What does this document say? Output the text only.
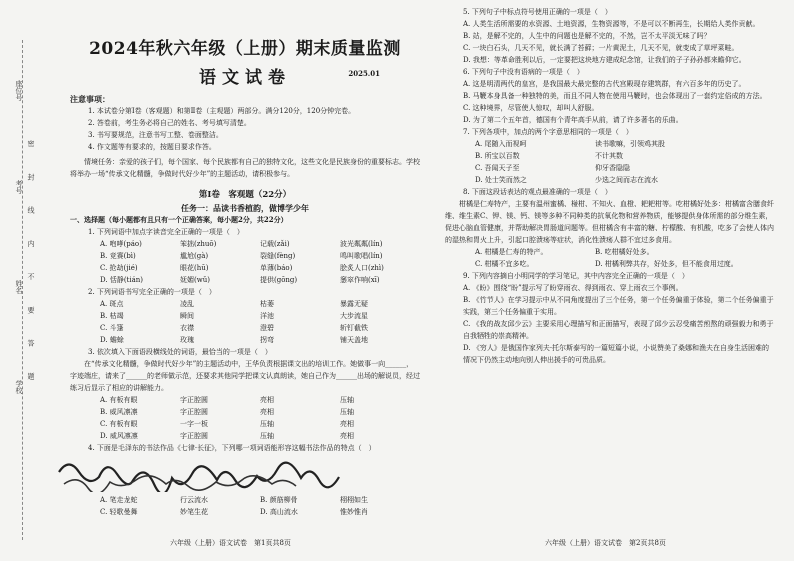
座位号
考号
姓名
学校 密 封 线 内 不 要 答 题
2024年秋六年级（上册）期末质量监测
语文试卷	2025.01
注意事项：
1. 本试卷分第Ⅰ卷（客观题）和第Ⅱ卷（主观题）两部分。满分120分，120分钟完卷。
2. 答卷前，考生务必将自己的姓名、考号填写清楚。
3. 书写要规范，注意书写工整、卷面整洁。
4. 作文题等有要求的，按题目要求作答。
情境任务：亲爱的孩子们，每个国家、每个民族都有自己的独特文化，这些文化是民族身份的重要标志。学校将举办一场“传承文化精髓，争做时代好少年”的主题活动，请积极参与。
第Ⅰ卷　客观题（22分）
任务一：品读书香植韵，做博学少年
一、选择题（每小题都有且只有一个正确答案，每小题2分，共22分）
1. 下列词语中加点字读音完全正确的一项是（　）
A. 咆哮(páo)	笨拙(zhuō)	记载(zǎi)	波光粼粼(lín)
B. 竞赛(bì)	尴尬(gà)	裂缝(fèng)	鸣叫歌唱(lín)
C. 抢劫(jié)	眼花(hū)	单薄(báo)	脍炙人口(zhì)
D. 恬静(tián)	妩媚(wǔ)	提供(gōng)	窸窣作响(xī)
2. 下列词语书写完全正确的一项是（　）
A. 斑点	凌乱	枯萎	暴露无疑
B. 枯竭	瞬间	洋池	大步流星
C. 斗篷	衣襟	澄碧	斩钉截铁
D. 蟾蜍	玫瑰	拐弯	铺天盖地
3. 依次填入下面语段横线处的词语，最恰当的一项是（　）
在“传承文化精髓，争做时代好少年”的主题活动中，王华负责根据课文出的培训工作。她做事一向______，字迹端庄，请来了______的老师做示范，还要求其他同学把课文认真朗读，她自己作为______出场的解说员，经过练习后显示了相应的讲解能力。
A. 有板有眼	字正腔圆	亮相	压轴
B. 威风凛凛	字正腔圆	亮相	压轴
C. 有板有眼	一字一板	压轴	亮相
D. 威风凛凛	字正腔圆	压轴	亮相
4. 下面是毛泽东的书法作品《七律·长征》，下列哪一项词语能形容这幅书法作品的特点（　）
A. 笔走龙蛇	行云流水	B. 颜筋柳骨	栩栩如生
C. 轻歌曼舞	妙笔生花	D. 高山流水	惟妙惟肖
六年级（上册）语文试卷　第1页共8页
5. 下列句子中标点符号使用正确的一项是（　）
A. 人类生活所需要的水资源、土地资源，生物资源等，不是可以不断再生，长期给人类作贡献。
B. 站，是解不完的，人生中的问题也是解不完的，不然，岂不太平淡无味了吗？
C. 一块白石头，几天不见，就长满了苔藓；一片黄泥土，几天不见，就变成了草坪菜畦。
D. 我想：等革命胜利以后，一定要把这块地方建成纪念馆，让我们的子子孙孙都来瞻仰它。
6. 下列句子中没有语病的一项是（　）
A. 这是明清两代的皇宫，是我国最大最完整的古代宫殿现存建筑群，有六百多年的历史了。
B. 马鞭本身具备一种独特的美，而且不同人物在使用马鞭时，也会体现出了一套约定俗成的方法。
C. 这种境界，尽管使人惊叹，却叫人舒服。
D. 为了第二个五年首，德国有个青年高手从前，请了许多著名的乐曲。
7. 下列各项中，加点的两个字意思相同的一项是（　）
A. 尾随入而视呵	读书歌嘛，引领鸡其股
B. 所宝以百数	不计其数
C. 吾闻天子至	仰牙香隐隐
D. 处士笑而然之	少选之间而志在流水
8. 下面这段话表达的观点最准确的一项是（　）
柑橘是仁寿特产，主要有温州蜜橘、椪柑、不知火、血橙、耙耙柑等。吃柑橘好处多：柑橘富含膳食纤维、维生素C、钾、镁、钙、镁等多种不同种类的抗氧化物和营养物质，能够提供身体所需的部分维生素，促进心脑血管健康，并帮助解决胃肠道问题等。但柑橘含有丰富的糖、柠檬酸、有机酸，吃多了会使人体内的湿热和胃火上升，引起口腔溃疡等症状，消化性溃疡人群不宜过多食用。
A. 柑橘是仁寿的特产。	B. 吃柑橘好处多。
C. 柑橘不宜多吃。	D. 柑橘利弊共存，好处多，但不能食用过度。
9. 下列内容摘自小明同学的学习笔记，其中内容完全正确的一项是（　）
A. 《盼》围绕“盼”提示写了盼穿雨衣、得到雨衣、穿上雨衣三个事例。
B. 《竹节人》在学习提示中从不同角度提出了三个任务，第一个任务偏重于体验，第二个任务偏重于实践，第三个任务偏重于实用。
C. 《我的战友邱少云》主要采用心理描写和正面描写，表现了邱少云忍受痛苦煎熬的顽强毅力和勇于自我牺牲的崇高精神。
D. 《穷人》是俄国作家列夫·托尔斯泰写的一篇短篇小说，小说赞美了桑娜和渔夫在自身生活困难的情况下仍然主动地向别人伸出援手的可贵品质。
六年级（上册）语文试卷　第2页共8页
